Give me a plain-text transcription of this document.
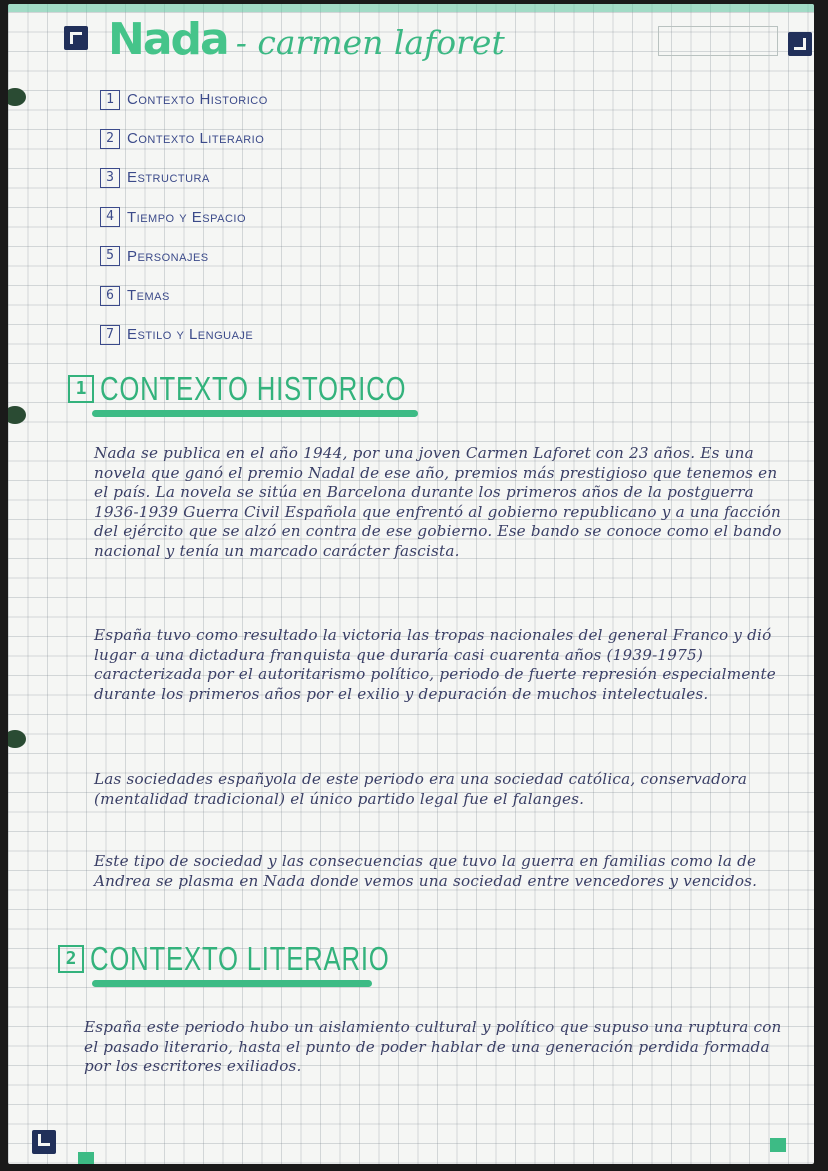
Nada - carmen laforet
1 Contexto Historico
2 Contexto Literario
3 Estructura
4 Tiempo y Espacio
5 Personajes
6 Temas
7 Estilo y Lenguaje
1 CONTEXTO HISTORICO

Nada se publica en el año 1944, por una joven Carmen Laforet con 23 años. Es una novela que ganó el premio Nadal de ese año, premios más prestigioso que tenemos en el país. La novela se sitúa en Barcelona durante los primeros años de la postguerra 1936-1939 Guerra Civil Española que enfrentó al gobierno republicano y a una facción del ejército que se alzó en contra de ese gobierno. Ese bando se conoce como el bando nacional y tenía un marcado carácter fascista.

España tuvo como resultado la victoria las tropas nacionales del general Franco y dió lugar a una dictadura franquista que duraría casi cuarenta años (1939-1975) caracterizada por el autoritarismo político, periodo de fuerte represión especialmente durante los primeros años por el exilio y depuración de muchos intelectuales.

Las sociedades españyola de este periodo era una sociedad católica, conservadora (mentalidad tradicional) el único partido legal fue el falanges.

Este tipo de sociedad y las consecuencias que tuvo la guerra en familias como la de Andrea se plasma en Nada donde vemos una sociedad entre vencedores y vencidos.

2 CONTEXTO LITERARIO

España este periodo hubo un aislamiento cultural y político que supuso una ruptura con el pasado literario, hasta el punto de poder hablar de una generación perdida formada por los escritores exiliados.
